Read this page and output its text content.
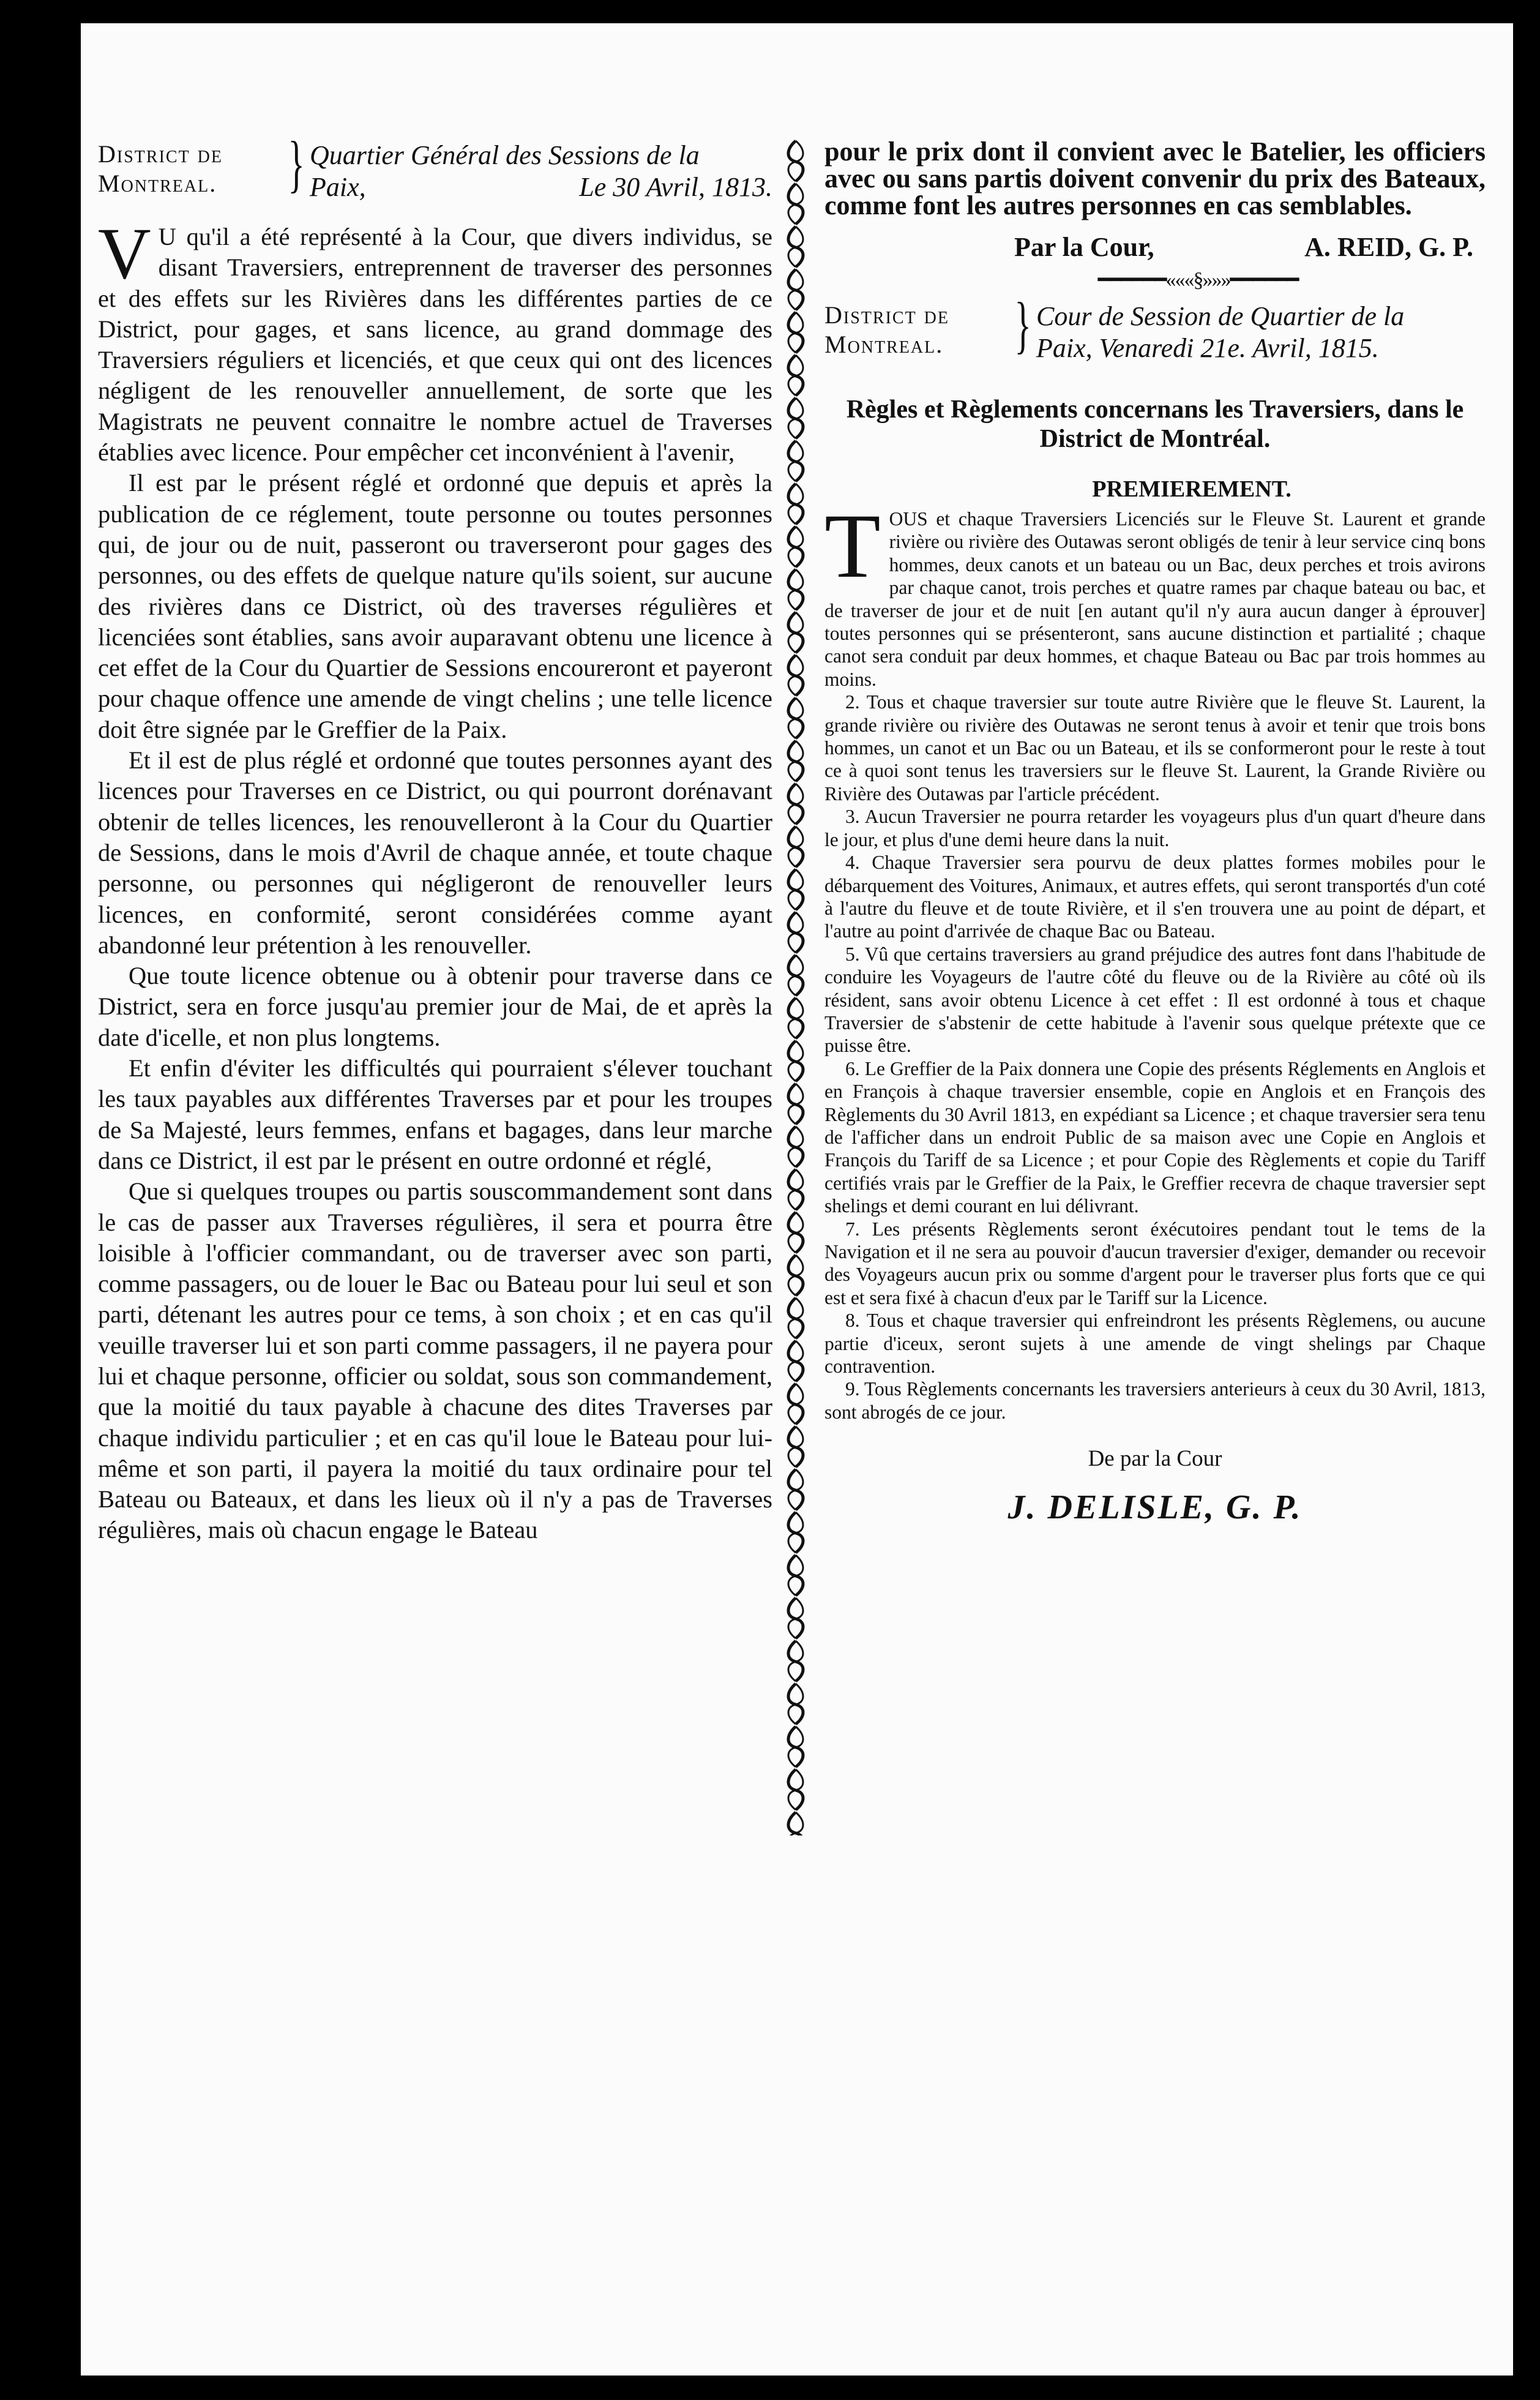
District de
Montreal.	} Quartier Général des Sessions de la
Paix,	Le 30 Avril, 1813.

V U qu'il a été représenté à la Cour, que divers individus, se disant Traversiers, entreprennent de traverser des personnes et des effets sur les Rivières dans les différentes parties de ce District, pour gages, et sans licence, au grand dommage des Traversiers réguliers et licenciés, et que ceux qui ont des licences négligent de les renouveller annuellement, de sorte que les Magistrats ne peuvent connaitre le nombre actuel de Traverses établies avec licence. Pour empêcher cet inconvénient à l'avenir,

Il est par le présent réglé et ordonné que depuis et après la publication de ce réglement, toute personne ou toutes personnes qui, de jour ou de nuit, passeront ou traverseront pour gages des personnes, ou des effets de quelque nature qu'ils soient, sur aucune des rivières dans ce District, où des traverses régulières et licenciées sont établies, sans avoir auparavant obtenu une licence à cet effet de la Cour du Quartier de Sessions encoureront et payeront pour chaque offence une amende de vingt chelins ; une telle licence doit être signée par le Greffier de la Paix.

Et il est de plus réglé et ordonné que toutes personnes ayant des licences pour Traverses en ce District, ou qui pourront dorénavant obtenir de telles licences, les renouvelleront à la Cour du Quartier de Sessions, dans le mois d'Avril de chaque année, et toute chaque personne, ou personnes qui négligeront de renouveller leurs licences, en conformité, seront considérées comme ayant abandonné leur prétention à les renouveller.

Que toute licence obtenue ou à obtenir pour traverse dans ce District, sera en force jusqu'au premier jour de Mai, de et après la date d'icelle, et non plus longtems.

Et enfin d'éviter les difficultés qui pourraient s'élever touchant les taux payables aux différentes Traverses par et pour les troupes de Sa Majesté, leurs femmes, enfans et bagages, dans leur marche dans ce District, il est par le présent en outre ordonné et réglé,

Que si quelques troupes ou partis souscommandement sont dans le cas de passer aux Traverses régulières, il sera et pourra être loisible à l'officier commandant, ou de traverser avec son parti, comme passagers, ou de louer le Bac ou Bateau pour lui seul et son parti, détenant les autres pour ce tems, à son choix ; et en cas qu'il veuille traverser lui et son parti comme passagers, il ne payera pour lui et chaque personne, officier ou soldat, sous son commandement, que la moitié du taux payable à chacune des dites Traverses par chaque individu particulier ; et en cas qu'il loue le Bateau pour lui-même et son parti, il payera la moitié du taux ordinaire pour tel Bateau ou Bateaux, et dans les lieux où il n'y a pas de Traverses régulières, mais où chacun engage le Bateau

pour le prix dont il convient avec le Batelier, les officiers avec ou sans partis doivent convenir du prix des Bateaux, comme font les autres personnes en cas semblables.
Par la Cour,	A. REID, G. P.
━━━━━━«««§»»»━━━━━━
District de
Montreal.	} Cour de Session de Quartier de la
Paix, Venaredi 21e. Avril, 1815.
Règles et Règlements concernans les Traversiers, dans le District de Montréal.
PREMIEREMENT.

TOUS et chaque Traversiers Licenciés sur le Fleuve St. Laurent et grande rivière ou rivière des Outawas seront obligés de tenir à leur service cinq bons hommes, deux canots et un bateau ou un Bac, deux perches et trois avirons par chaque canot, trois perches et quatre rames par chaque bateau ou bac, et de traverser de jour et de nuit [en autant qu'il n'y aura aucun danger à éprouver] toutes personnes qui se présenteront, sans aucune distinction et partialité ; chaque canot sera conduit par deux hommes, et chaque Bateau ou Bac par trois hommes au moins.

2. Tous et chaque traversier sur toute autre Rivière que le fleuve St. Laurent, la grande rivière ou rivière des Outawas ne seront tenus à avoir et tenir que trois bons hommes, un canot et un Bac ou un Bateau, et ils se conformeront pour le reste à tout ce à quoi sont tenus les traversiers sur le fleuve St. Laurent, la Grande Rivière ou Rivière des Outawas par l'article précédent.

3. Aucun Traversier ne pourra retarder les voyageurs plus d'un quart d'heure dans le jour, et plus d'une demi heure dans la nuit.

4. Chaque Traversier sera pourvu de deux plattes formes mobiles pour le débarquement des Voitures, Animaux, et autres effets, qui seront transportés d'un coté à l'autre du fleuve et de toute Rivière, et il s'en trouvera une au point de départ, et l'autre au point d'arrivée de chaque Bac ou Bateau.

5. Vû que certains traversiers au grand préjudice des autres font dans l'habitude de conduire les Voyageurs de l'autre côté du fleuve ou de la Rivière au côté où ils résident, sans avoir obtenu Licence à cet effet : Il est ordonné à tous et chaque Traversier de s'abstenir de cette habitude à l'avenir sous quelque prétexte que ce puisse être.

6. Le Greffier de la Paix donnera une Copie des présents Réglements en Anglois et en François à chaque traversier ensemble, copie en Anglois et en François des Règlements du 30 Avril 1813, en expédiant sa Licence ; et chaque traversier sera tenu de l'afficher dans un endroit Public de sa maison avec une Copie en Anglois et François du Tariff de sa Licence ; et pour Copie des Règlements et copie du Tariff certifiés vrais par le Greffier de la Paix, le Greffier recevra de chaque traversier sept shelings et demi courant en lui délivrant.

7. Les présents Règlements seront éxécutoires pendant tout le tems de la Navigation et il ne sera au pouvoir d'aucun traversier d'exiger, demander ou recevoir des Voyageurs aucun prix ou somme d'argent pour le traverser plus forts que ce qui est et sera fixé à chacun d'eux par le Tariff sur la Licence.

8. Tous et chaque traversier qui enfreindront les présents Règlemens, ou aucune partie d'iceux, seront sujets à une amende de vingt shelings par Chaque contravention.

9. Tous Règlements concernants les traversiers anterieurs à ceux du 30 Avril, 1813, sont abrogés de ce jour.

De par la Cour
J. DELISLE, G. P.
